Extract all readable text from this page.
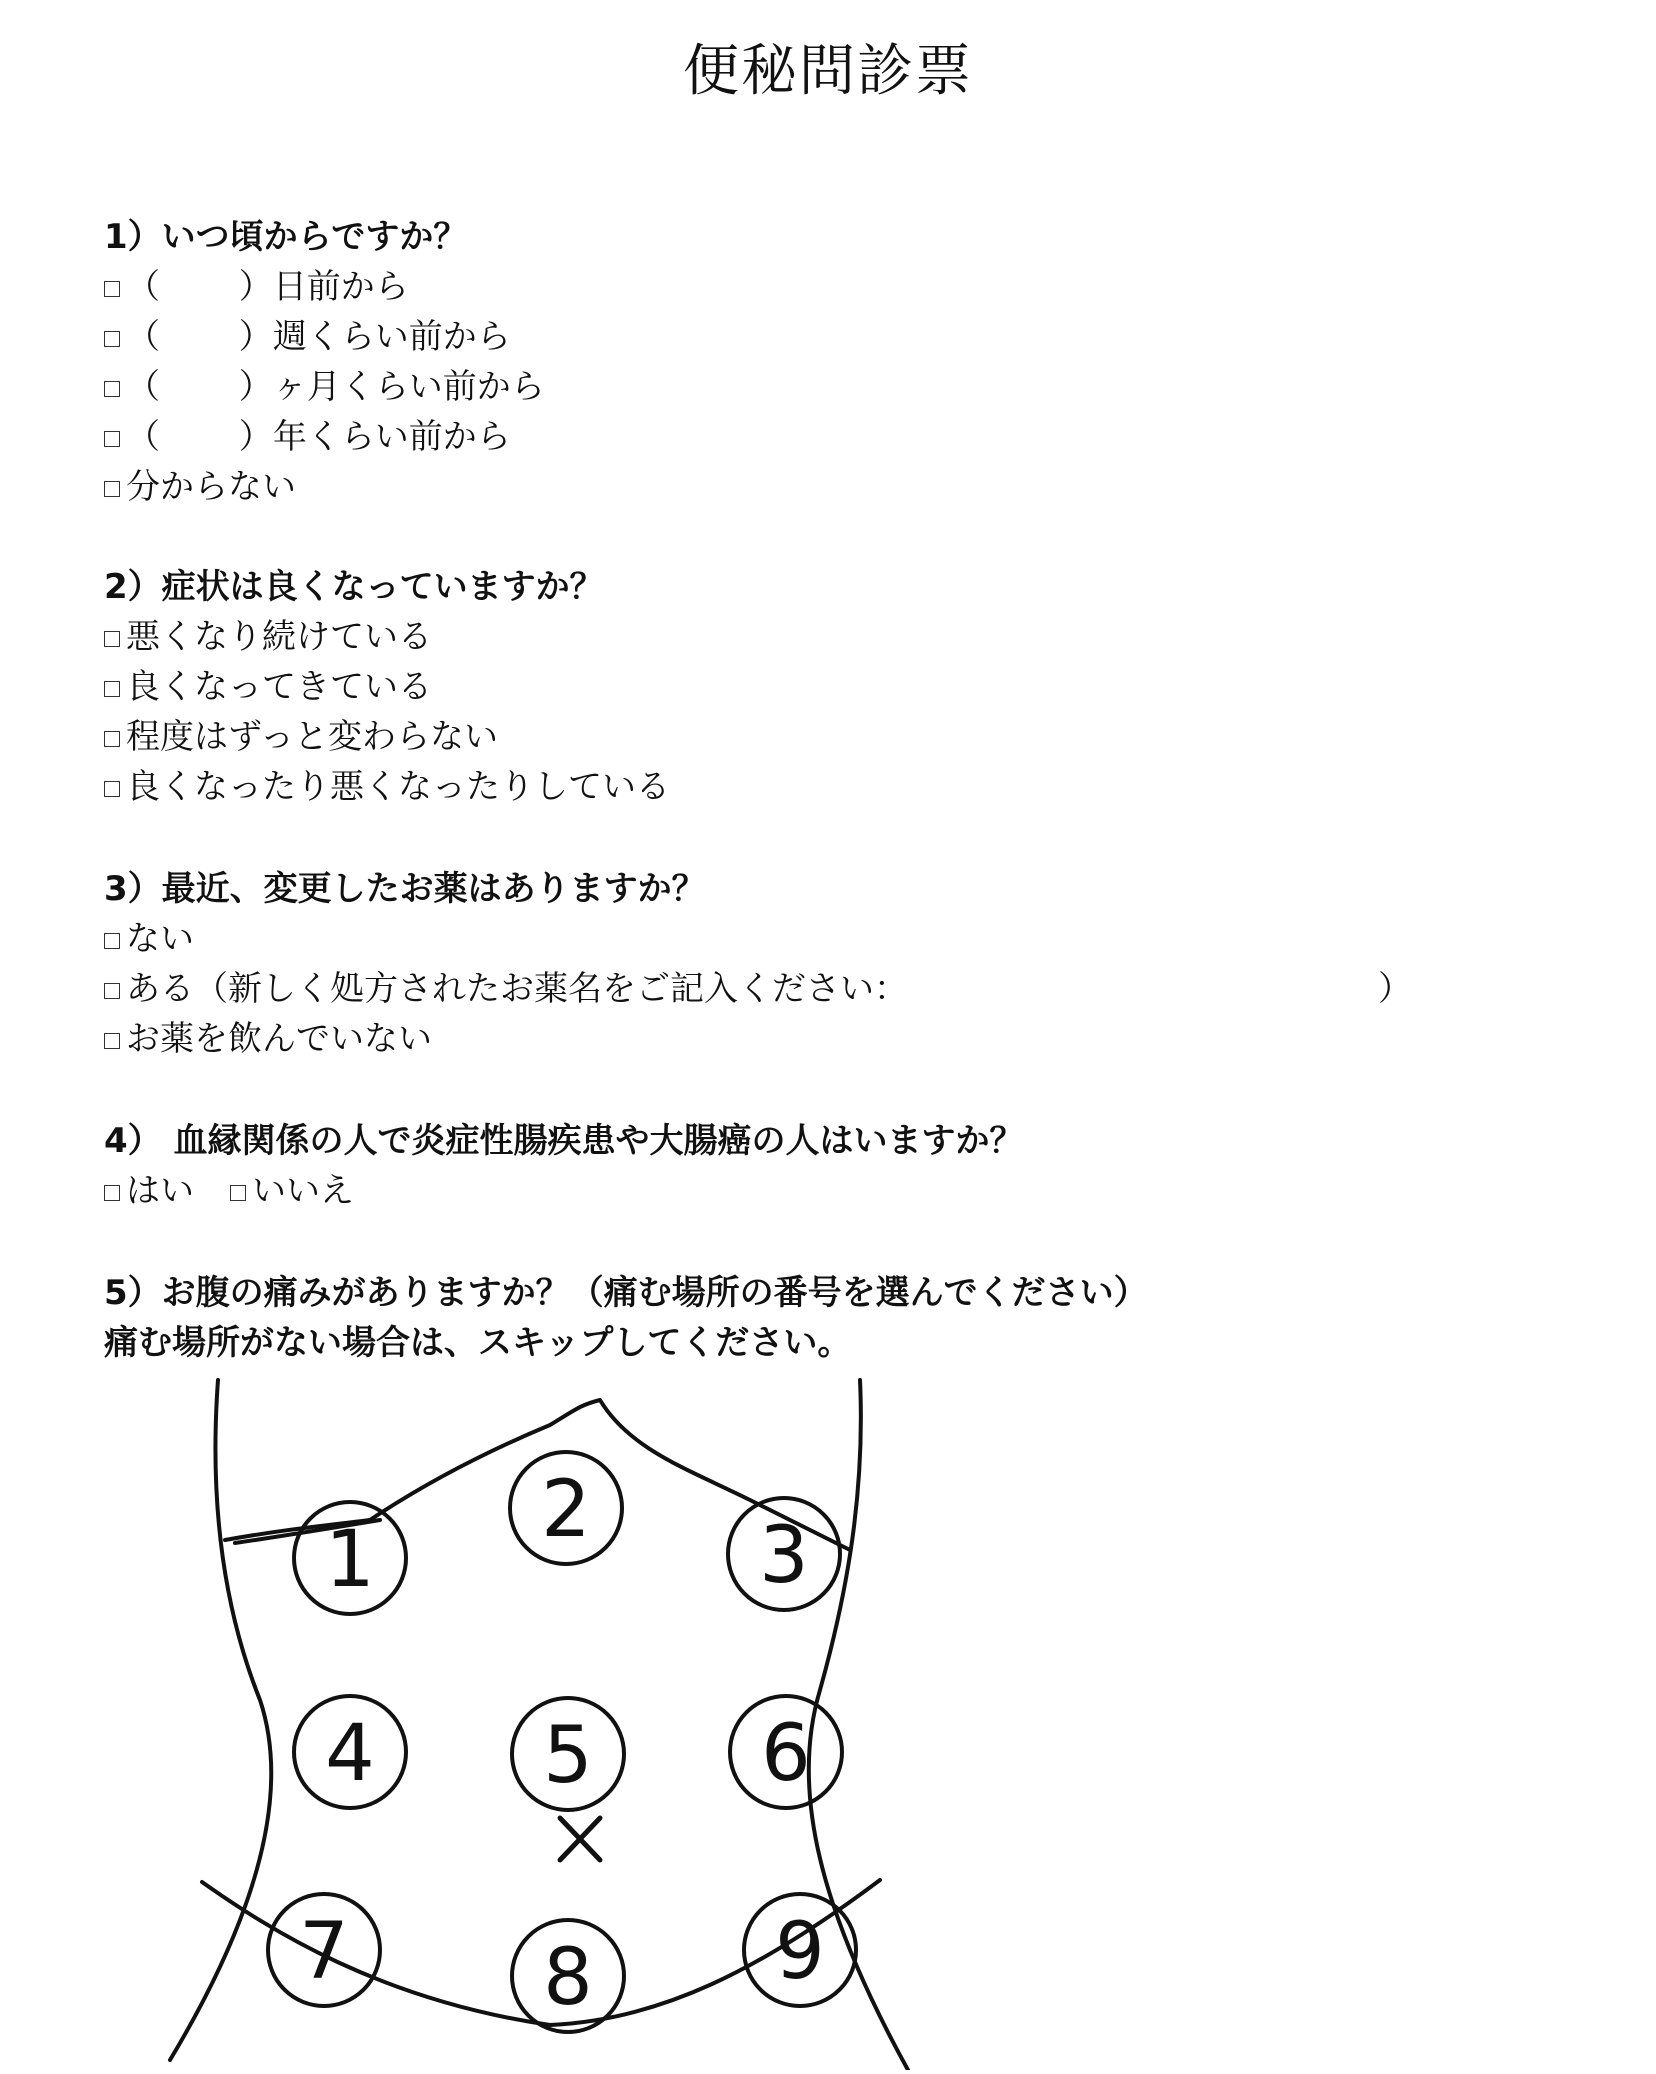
便秘問診票
1）いつ頃からですか？
（　　 ） 日前から
（　　 ） 週くらい前から
（　　 ） ヶ月くらい前から
（　　 ） 年くらい前から
分からない
2）症状は良くなっていますか？
悪くなり続けている
良くなってきている
程度はずっと変わらない
良くなったり悪くなったりしている
3）最近、変更したお薬はありますか？
ない
ある（新しく処方されたお薬名をご記入ください：	）
お薬を飲んでいない
4） 血縁関係の人で炎症性腸疾患や大腸癌の人はいますか？
はい いいえ
5）お腹の痛みがありますか？（痛む場所の番号を選んでください）
痛む場所がない場合は、スキップしてください。
1
2
3
4 5 6
7 8 9
